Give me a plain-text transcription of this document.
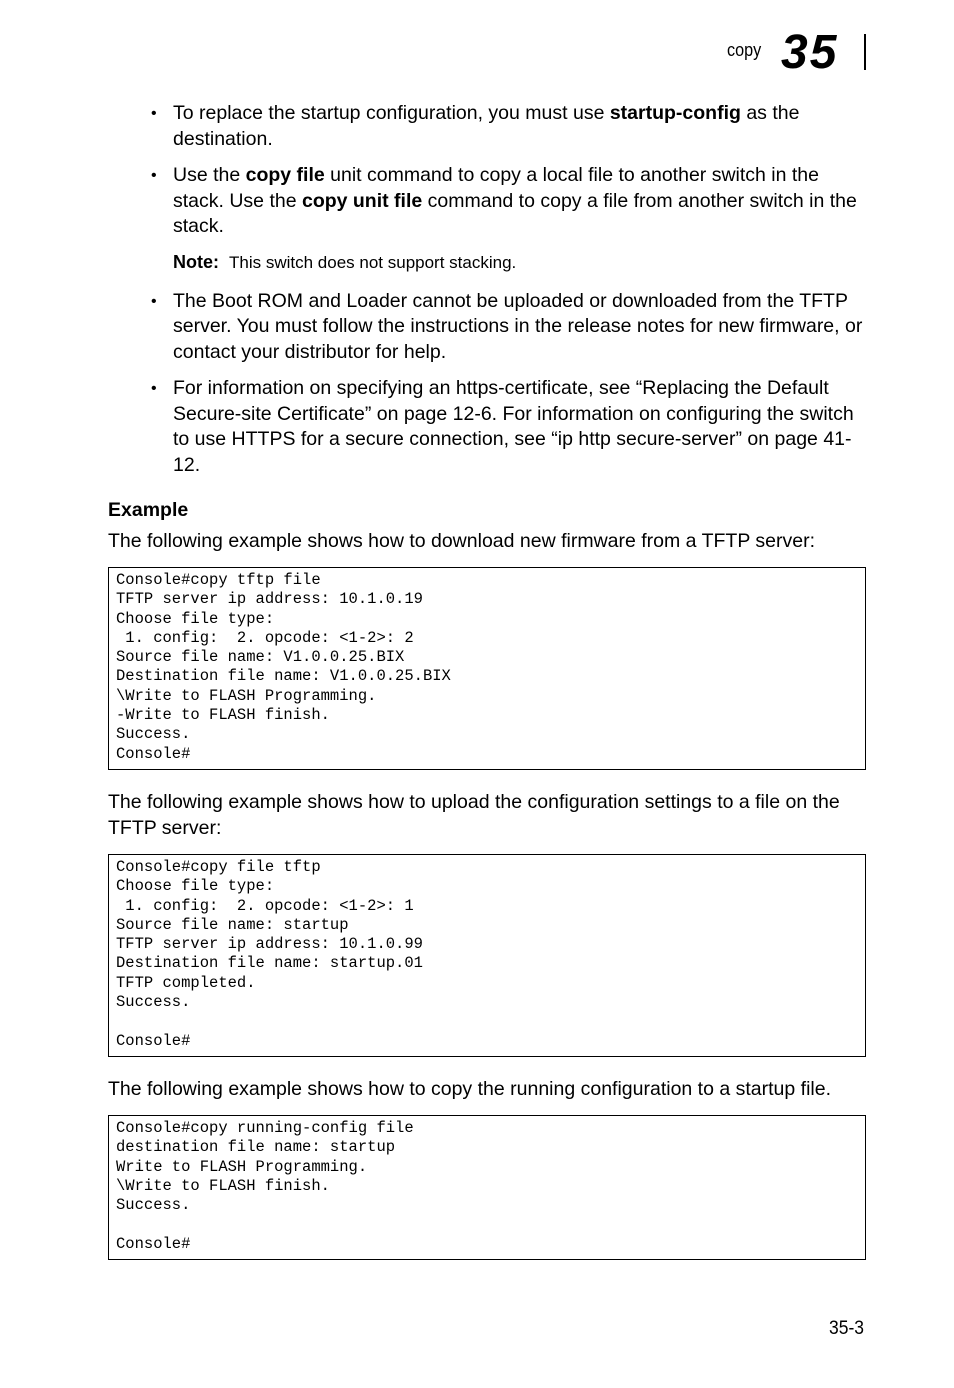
copy 35
• To replace the startup configuration, you must use startup-config as the destination.
• Use the copy file unit command to copy a local file to another switch in the stack. Use the copy unit file command to copy a file from another switch in the stack.
Note: This switch does not support stacking.
• The Boot ROM and Loader cannot be uploaded or downloaded from the TFTP server. You must follow the instructions in the release notes for new firmware, or contact your distributor for help.
• For information on specifying an https-certificate, see “Replacing the Default Secure-site Certificate” on page 12-6. For information on configuring the switch to use HTTPS for a secure connection, see “ip http secure-server” on page 41-12.
Example
The following example shows how to download new firmware from a TFTP server:
Console#copy tftp file
TFTP server ip address: 10.1.0.19
Choose file type:
1. config:  2. opcode: <1-2>: 2
Source file name: V1.0.0.25.BIX
Destination file name: V1.0.0.25.BIX
\Write to FLASH Programming.
-Write to FLASH finish.
Success.
Console#
The following example shows how to upload the configuration settings to a file on the TFTP server:
Console#copy file tftp
Choose file type:
1. config:  2. opcode: <1-2>: 1
Source file name: startup
TFTP server ip address: 10.1.0.99
Destination file name: startup.01
TFTP completed.
Success.
Console#
The following example shows how to copy the running configuration to a startup file.
Console#copy running-config file
destination file name: startup
Write to FLASH Programming.
\Write to FLASH finish.
Success.
Console#
35-3
